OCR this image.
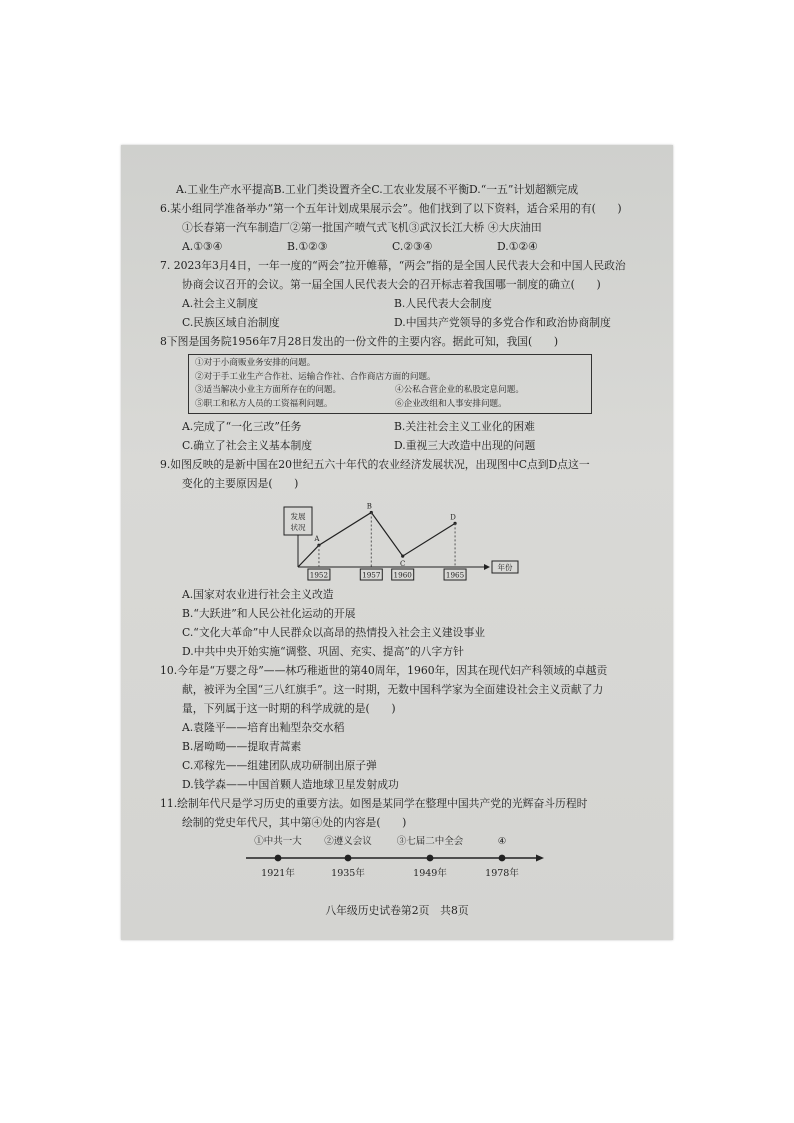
A.工业生产水平提高B.工业门类设置齐全C.工农业发展不平衡D.“一五”计划超额完成
6.某小组同学准备举办“第一个五年计划成果展示会”。他们找到了以下资料，适合采用的有(　　)
①长春第一汽车制造厂②第一批国产喷气式飞机③武汉长江大桥 ④大庆油田
A.①③④	B.①②③	C.②③④	D.①②④
7. 2023年3月4日，一年一度的“两会”拉开帷幕，“两会”指的是全国人民代表大会和中国人民政治
协商会议召开的会议。第一届全国人民代表大会的召开标志着我国哪一制度的确立(　　)
A.社会主义制度	B.人民代表大会制度
C.民族区域自治制度	D.中国共产党领导的多党合作和政治协商制度
8下图是国务院1956年7月28日发出的一份文件的主要内容。据此可知，我国(　　)
①对于小商贩业务安排的问题。
②对于手工业生产合作社、运输合作社、合作商店方面的问题。
③适当解决小业主方面所存在的问题。	④公私合营企业的私股定息问题。
⑤职工和私方人员的工资福利问题。	⑥企业改组和人事安排问题。
A.完成了“一化三改”任务	B.关注社会主义工业化的困难
C.确立了社会主义基本制度	D.重视三大改造中出现的问题
9.如图反映的是新中国在20世纪五六十年代的农业经济发展状况，出现图中C点到D点这一
变化的主要原因是(　　)
发展
状况
年份
A
1952
B
1957
C
1960
D
1965
A.国家对农业进行社会主义改造
B.“大跃进”和人民公社化运动的开展
C.“文化大革命”中人民群众以高昂的热情投入社会主义建设事业
D.中共中央开始实施“调整、巩固、充实、提高”的八字方针
10.今年是“万婴之母”——林巧稚逝世的第40周年，1960年，因其在现代妇产科领域的卓越贡
献，被评为全国“三八红旗手”。这一时期，无数中国科学家为全面建设社会主义贡献了力
量，下列属于这一时期的科学成就的是(　　)
A.袁隆平——培育出籼型杂交水稻
B.屠呦呦——提取青蒿素
C.邓稼先——组建团队成功研制出原子弹
D.钱学森——中国首颗人造地球卫星发射成功
11.绘制年代尺是学习历史的重要方法。如图是某同学在整理中国共产党的光辉奋斗历程时
绘制的党史年代尺，其中第④处的内容是(　　)
①中共一大
1921年
②遵义会议
1935年
③七届二中全会
1949年
④
1978年
八年级历史试卷第2页　共8页
